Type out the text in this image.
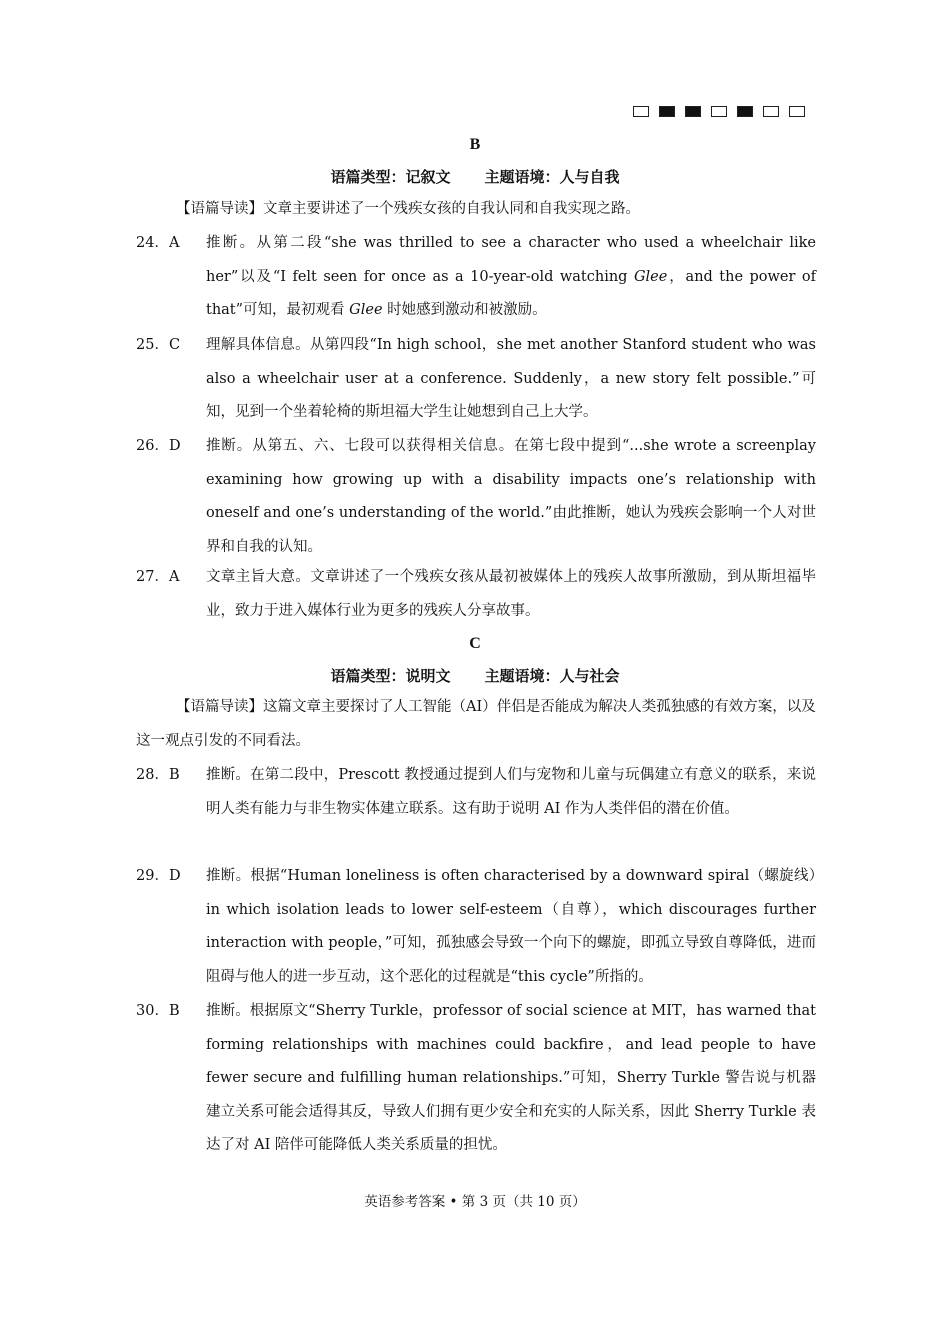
B
语篇类型：记叙文 主题语境：人与自我
【语篇导读】文章主要讲述了一个残疾女孩的自我认同和自我实现之路。
24．A 推断。从第二段“she was thrilled to see a character who used a wheelchair like her”以及“I felt seen for once as a 10-year-old watching Glee，and the power of that”可知，最初观看 Glee 时她感到激动和被激励。
25．C 理解具体信息。从第四段“In high school，she met another Stanford student who was also a wheelchair user at a conference. Suddenly，a new story felt possible.”可知，见到一个坐着轮椅的斯坦福大学生让她想到自己上大学。
26．D 推断。从第五、六、七段可以获得相关信息。在第七段中提到“...she wrote a screenplay examining how growing up with a disability impacts one’s relationship with oneself and one’s understanding of the world.”由此推断，她认为残疾会影响一个人对世界和自我的认知。
27．A 文章主旨大意。文章讲述了一个残疾女孩从最初被媒体上的残疾人故事所激励，到从斯坦福毕业，致力于进入媒体行业为更多的残疾人分享故事。
C
语篇类型：说明文 主题语境：人与社会
【语篇导读】这篇文章主要探讨了人工智能（AI）伴侣是否能成为解决人类孤独感的有效方案，以及这一观点引发的不同看法。
28．B 推断。在第二段中，Prescott 教授通过提到人们与宠物和儿童与玩偶建立有意义的联系，来说明人类有能力与非生物实体建立联系。这有助于说明 AI 作为人类伴侣的潜在价值。
29．D 推断。根据“Human loneliness is often characterised by a downward spiral（螺旋线）in which isolation leads to lower self-esteem（自尊），which discourages further interaction with people，”可知，孤独感会导致一个向下的螺旋，即孤立导致自尊降低，进而阻碍与他人的进一步互动，这个恶化的过程就是“this cycle”所指的。
30．B 推断。根据原文“Sherry Turkle，professor of social science at MIT，has warned that forming relationships with machines could backfire，and lead people to have fewer secure and fulfilling human relationships.”可知，Sherry Turkle 警告说与机器建立关系可能会适得其反，导致人们拥有更少安全和充实的人际关系，因此 Sherry Turkle 表达了对 AI 陪伴可能降低人类关系质量的担忧。
英语参考答案 • 第 3 页（共 10 页）
